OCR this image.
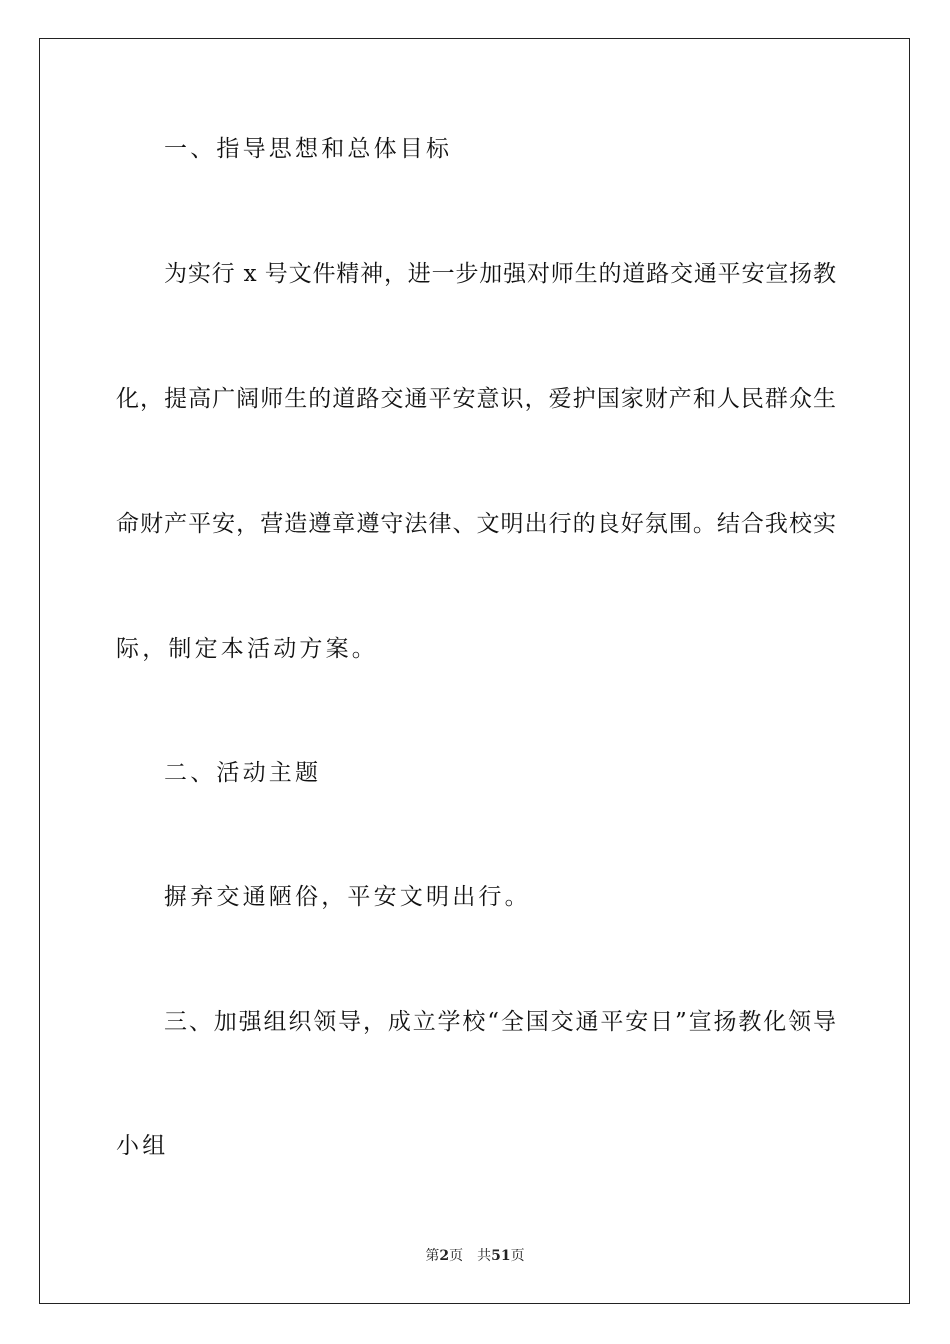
一、指导思想和总体目标
为实行 x 号文件精神，进一步加强对师生的道路交通平安宣扬教
化，提高广阔师生的道路交通平安意识，爱护国家财产和人民群众生
命财产平安，营造遵章遵守法律、文明出行的良好氛围。结合我校实
际，制定本活动方案。
二、活动主题
摒弃交通陋俗，平安文明出行。
三、加强组织领导，成立学校“全国交通平安日”宣扬教化领导
小组
第2页 共51页
